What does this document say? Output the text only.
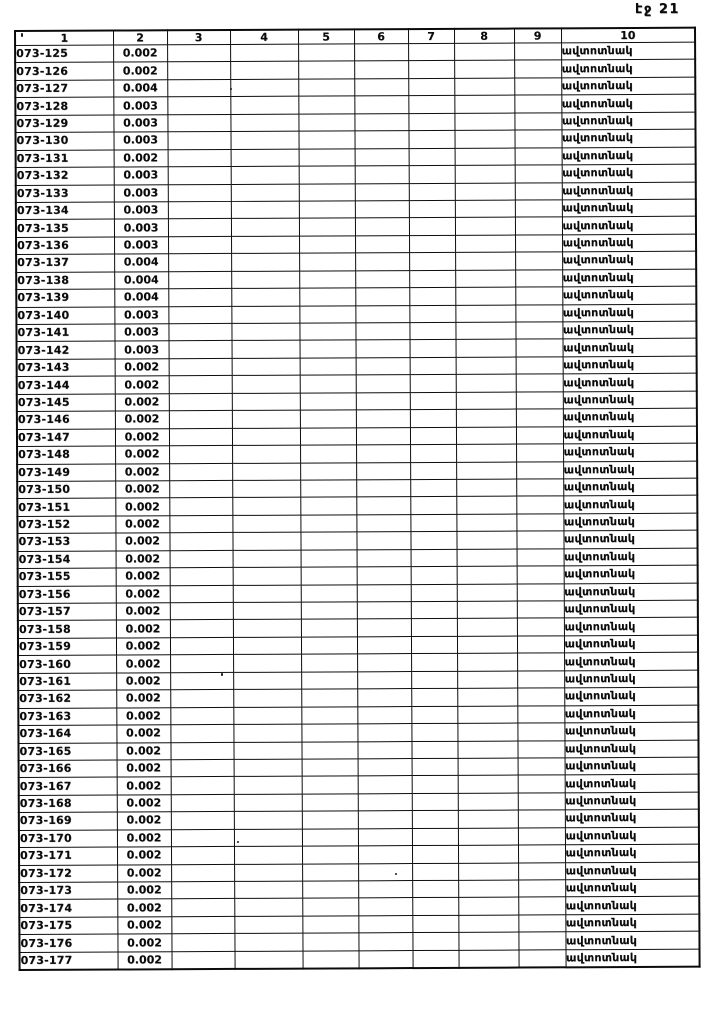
էջ 21
1	2	3	4	5	6	7	8	9	10
073-125	0.002								ավտոտնակ
073-126	0.002								ավտոտնակ
073-127	0.004								ավտոտնակ
073-128	0.003								ավտոտնակ
073-129	0.003								ավտոտնակ
073-130	0.003								ավտոտնակ
073-131	0.002								ավտոտնակ
073-132	0.003								ավտոտնակ
073-133	0.003								ավտոտնակ
073-134	0.003								ավտոտնակ
073-135	0.003								ավտոտնակ
073-136	0.003								ավտոտնակ
073-137	0.004								ավտոտնակ
073-138	0.004								ավտոտնակ
073-139	0.004								ավտոտնակ
073-140	0.003								ավտոտնակ
073-141	0.003								ավտոտնակ
073-142	0.003								ավտոտնակ
073-143	0.002								ավտոտնակ
073-144	0.002								ավտոտնակ
073-145	0.002								ավտոտնակ
073-146	0.002								ավտոտնակ
073-147	0.002								ավտոտնակ
073-148	0.002								ավտոտնակ
073-149	0.002								ավտոտնակ
073-150	0.002								ավտոտնակ
073-151	0.002								ավտոտնակ
073-152	0.002								ավտոտնակ
073-153	0.002								ավտոտնակ
073-154	0.002								ավտոտնակ
073-155	0.002								ավտոտնակ
073-156	0.002								ավտոտնակ
073-157	0.002								ավտոտնակ
073-158	0.002								ավտոտնակ
073-159	0.002								ավտոտնակ
073-160	0.002								ավտոտնակ
073-161	0.002								ավտոտնակ
073-162	0.002								ավտոտնակ
073-163	0.002								ավտոտնակ
073-164	0.002								ավտոտնակ
073-165	0.002								ավտոտնակ
073-166	0.002								ավտոտնակ
073-167	0.002								ավտոտնակ
073-168	0.002								ավտոտնակ
073-169	0.002								ավտոտնակ
073-170	0.002								ավտոտնակ
073-171	0.002								ավտոտնակ
073-172	0.002								ավտոտնակ
073-173	0.002								ավտոտնակ
073-174	0.002								ավտոտնակ
073-175	0.002								ավտոտնակ
073-176	0.002								ավտոտնակ
073-177	0.002								ավտոտնակ
